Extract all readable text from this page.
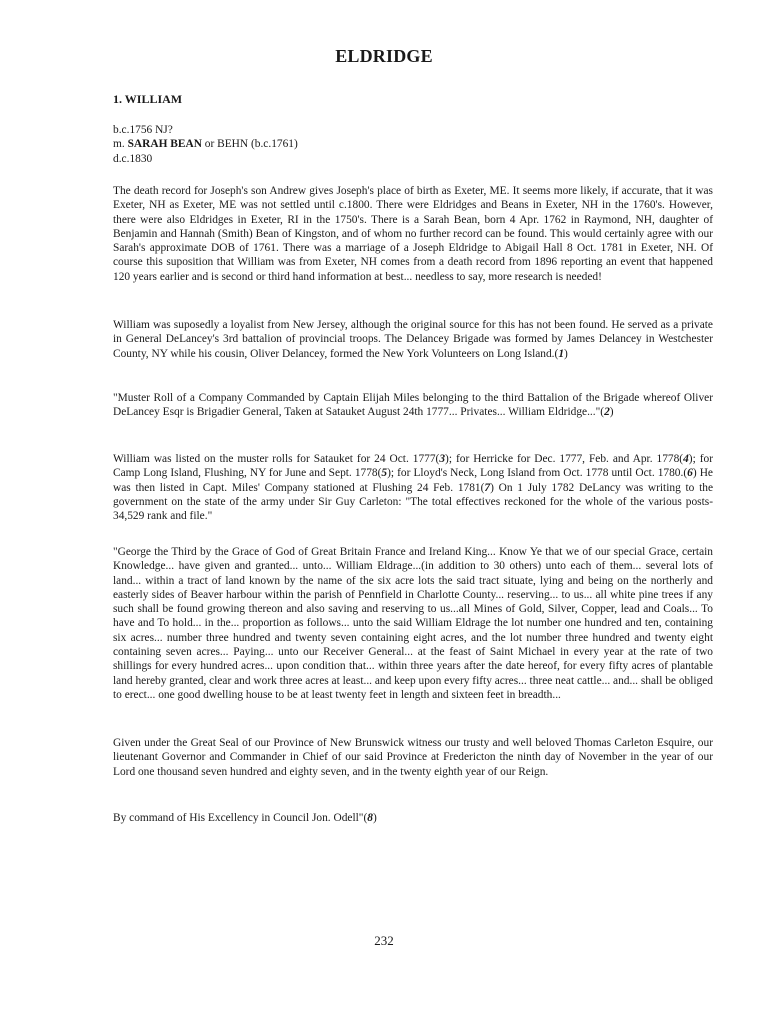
ELDRIDGE
1. WILLIAM
b.c.1756 NJ?
m. SARAH BEAN or BEHN (b.c.1761)
d.c.1830

The death record for Joseph's son Andrew gives Joseph's place of birth as Exeter, ME. It seems more likely, if accurate, that it was Exeter, NH as Exeter, ME was not settled until c.1800. There were Eldridges and Beans in Exeter, NH in the 1760's. However, there were also Eldridges in Exeter, RI in the 1750's. There is a Sarah Bean, born 4 Apr. 1762 in Raymond, NH, daughter of Benjamin and Hannah (Smith) Bean of Kingston, and of whom no further record can be found. This would certainly agree with our Sarah's approximate DOB of 1761. There was a marriage of a Joseph Eldridge to Abigail Hall 8 Oct. 1781 in Exeter, NH. Of course this suposition that William was from Exeter, NH comes from a death record from 1896 reporting an event that happened 120 years earlier and is second or third hand information at best... needless to say, more research is needed!

William was suposedly a loyalist from New Jersey, although the original source for this has not been found. He served as a private in General DeLancey's 3rd battalion of provincial troops. The Delancey Brigade was formed by James Delancey in Westchester County, NY while his cousin, Oliver Delancey, formed the New York Volunteers on Long Island.(1)

"Muster Roll of a Company Commanded by Captain Elijah Miles belonging to the third Battalion of the Brigade whereof Oliver DeLancey Esqr is Brigadier General, Taken at Satauket August 24th 1777... Privates... William Eldridge..."(2)

William was listed on the muster rolls for Satauket for 24 Oct. 1777(3); for Herricke for Dec. 1777, Feb. and Apr. 1778(4); for Camp Long Island, Flushing, NY for June and Sept. 1778(5); for Lloyd's Neck, Long Island from Oct. 1778 until Oct. 1780.(6) He was then listed in Capt. Miles' Company stationed at Flushing 24 Feb. 1781(7) On 1 July 1782 DeLancy was writing to the government on the state of the army under Sir Guy Carleton: "The total effectives reckoned for the whole of the various posts- 34,529 rank and file."

"George the Third by the Grace of God of Great Britain France and Ireland King... Know Ye that we of our special Grace, certain Knowledge... have given and granted... unto... William Eldrage...(in addition to 30 others) unto each of them... several lots of land... within a tract of land known by the name of the six acre lots the said tract situate, lying and being on the northerly and easterly sides of Beaver harbour within the parish of Pennfield in Charlotte County... reserving... to us... all white pine trees if any such shall be found growing thereon and also saving and reserving to us...all Mines of Gold, Silver, Copper, lead and Coals... To have and To hold... in the... proportion as follows... unto the said William Eldrage the lot number one hundred and ten, containing six acres... number three hundred and twenty seven containing eight acres, and the lot number three hundred and twenty eight containing seven acres... Paying... unto our Receiver General... at the feast of Saint Michael in every year at the rate of two shillings for every hundred acres... upon condition that... within three years after the date hereof, for every fifty acres of plantable land hereby granted, clear and work three acres at least... and keep upon every fifty acres... three neat cattle... and... shall be obliged to erect... one good dwelling house to be at least twenty feet in length and sixteen feet in breadth...

Given under the Great Seal of our Province of New Brunswick witness our trusty and well beloved Thomas Carleton Esquire, our lieutenant Governor and Commander in Chief of our said Province at Fredericton the ninth day of November in the year of our Lord one thousand seven hundred and eighty seven, and in the twenty eighth year of our Reign.

By command of His Excellency in Council Jon. Odell"(8)

232
